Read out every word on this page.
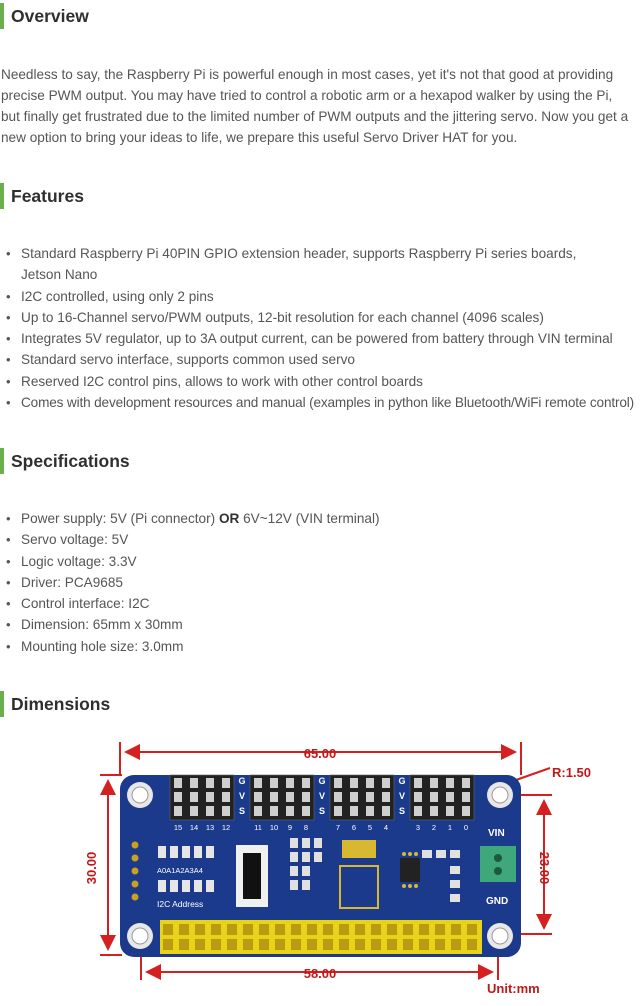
Overview
Needless to say, the Raspberry Pi is powerful enough in most cases, yet it's not that good at providing precise PWM output. You may have tried to control a robotic arm or a hexapod walker by using the Pi, but finally get frustrated due to the limited number of PWM outputs and the jittering servo. Now you get a new option to bring your ideas to life, we prepare this useful Servo Driver HAT for you.
Features
• Standard Raspberry Pi 40PIN GPIO extension header, supports Raspberry Pi series boards, Jetson Nano
• I2C controlled, using only 2 pins
• Up to 16-Channel servo/PWM outputs, 12-bit resolution for each channel (4096 scales)
• Integrates 5V regulator, up to 3A output current, can be powered from battery through VIN terminal
• Standard servo interface, supports common used servo
• Reserved I2C control pins, allows to work with other control boards
• Comes with development resources and manual (examples in python like Bluetooth/WiFi remote control)
Specifications
• Power supply: 5V (Pi connector) OR 6V~12V (VIN terminal)
• Servo voltage: 5V
• Logic voltage: 3.3V
• Driver: PCA9685
• Control interface: I2C
• Dimension: 65mm x 30mm
• Mounting hole size: 3.0mm
Dimensions
65.00
30.00	23.00
58.00
R:1.50
Unit:mm
G
V
S
G
V
S
G
V
S
15 14 13 12	11 10 9 8	7 6 5 4	3 2 1 0
A0A1A2A3A4
I2C Address
VIN
GND
